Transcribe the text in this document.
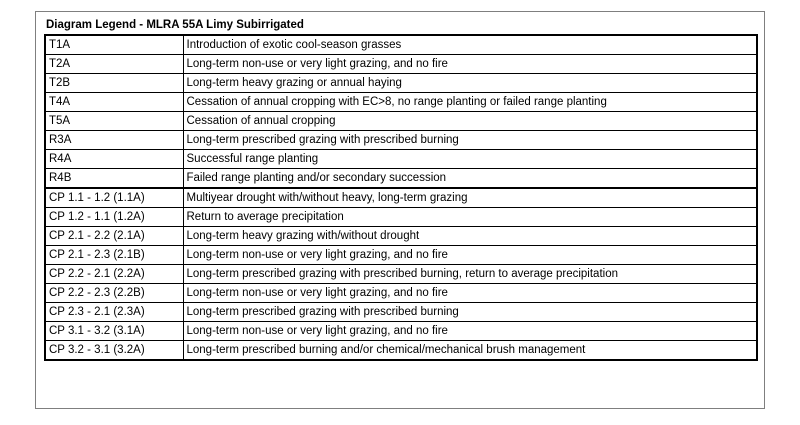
Diagram Legend - MLRA 55A Limy Subirrigated
T1A	Introduction of exotic cool-season grasses
T2A	Long-term non-use or very light grazing, and no fire
T2B	Long-term heavy grazing or annual haying
T4A	Cessation of annual cropping with EC>8, no range planting or failed range planting
T5A	Cessation of annual cropping
R3A	Long-term prescribed grazing with prescribed burning
R4A	Successful range planting
R4B	Failed range planting and/or secondary succession
CP 1.1 - 1.2 (1.1A)	Multiyear drought with/without heavy, long-term grazing
CP 1.2 - 1.1 (1.2A)	Return to average precipitation
CP 2.1 - 2.2 (2.1A)	Long-term heavy grazing with/without drought
CP 2.1 - 2.3 (2.1B)	Long-term non-use or very light grazing, and no fire
CP 2.2 - 2.1 (2.2A)	Long-term prescribed grazing with prescribed burning, return to average precipitation
CP 2.2 - 2.3 (2.2B)	Long-term non-use or very light grazing, and no fire
CP 2.3 - 2.1 (2.3A)	Long-term prescribed grazing with prescribed burning
CP 3.1 - 3.2 (3.1A)	Long-term non-use or very light grazing, and no fire
CP 3.2 - 3.1 (3.2A)	Long-term prescribed burning and/or chemical/mechanical brush management
